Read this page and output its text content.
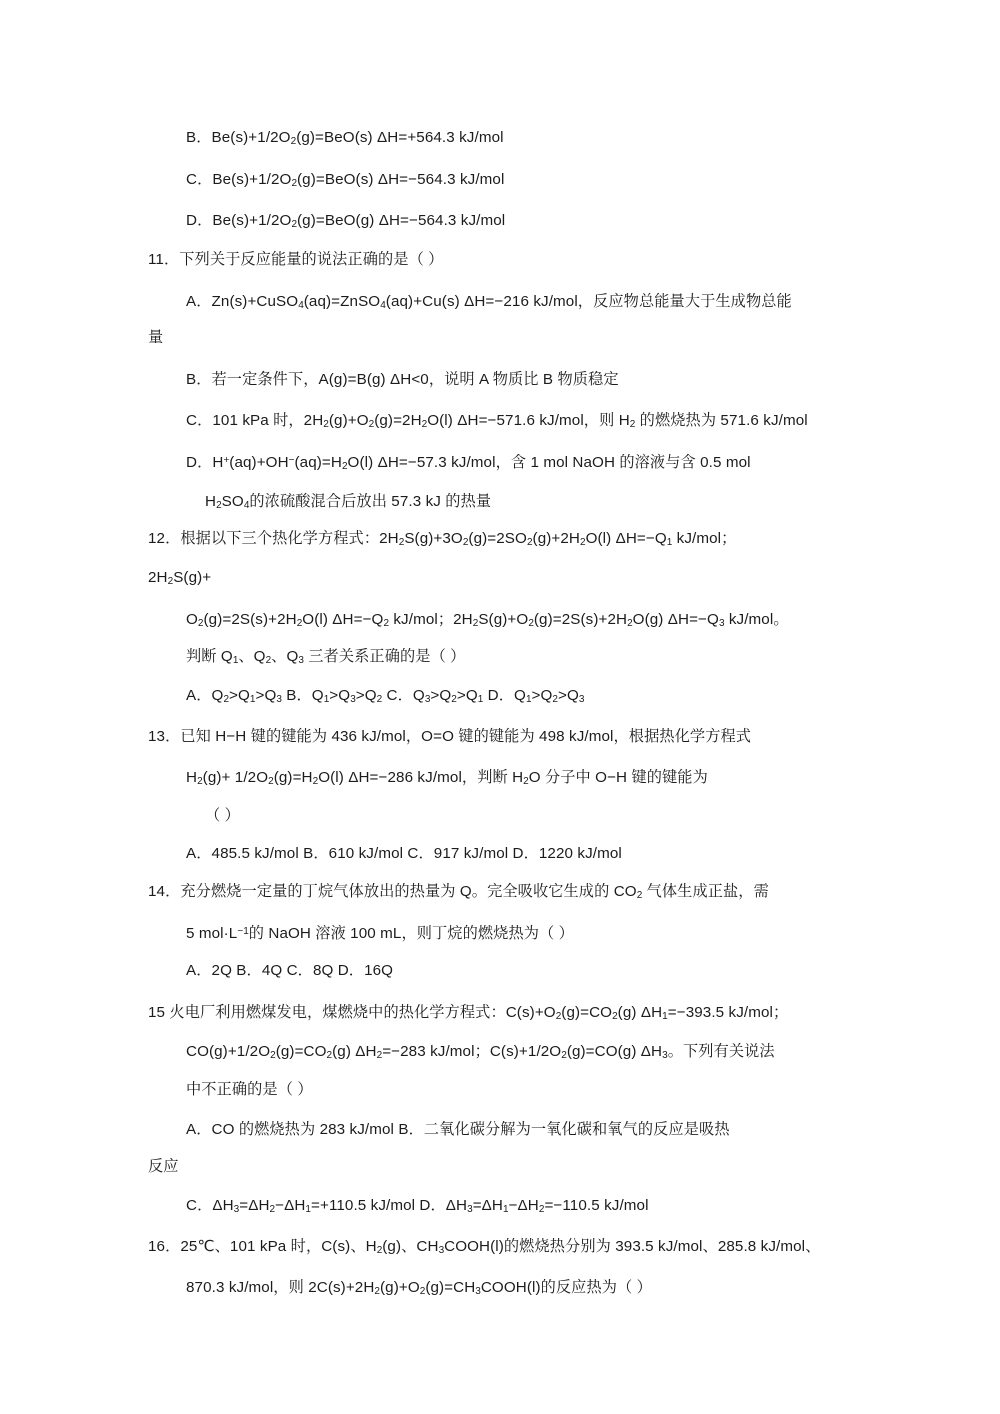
B．$Be(s)+1/2O_2(g)=BeO(s)$ ΔH=+564.3 kJ/mol
C．$Be(s)+1/2O_2(g)=BeO(s)$ ΔH=−564.3 kJ/mol
D．$Be(s)+1/2O_2(g)=BeO(g)$ ΔH=−564.3 kJ/mol
11．下列关于反应能量的说法正确的是（ ）
A．Zn(s)+CuSO$_4$(aq)=ZnSO$_4$(aq)+Cu(s) ΔH=−216 kJ/mol，反应物总能量大于生成物总能
量
B．若一定条件下，A(g)=B(g) ΔH<0，说明 A 物质比 B 物质稳定
C．101 kPa 时，$2H_2(g)+O_2(g)=2H_2O(l)$ ΔH=−571.6 kJ/mol，则 $H_2$ 的燃烧热为 571.6 kJ/mol
D．$H^+(aq)+OH^-(aq)=H_2O(l)$ ΔH=−57.3 kJ/mol，含 1 mol NaOH 的溶液与含 0.5 mol
$H_2SO_4$的浓硫酸混合后放出 57.3 kJ 的热量
12．根据以下三个热化学方程式：$2H_2S(g)+3O_2(g)=2SO_2(g)+2H_2O(l)$ $\Delta H=-Q_1$ kJ/mol；
$2H_2S(g)+$
$O_2(g)=2S(s)+2H_2O(l)$ $\Delta H=-Q_2$ kJ/mol；$2H_2S(g)+O_2(g)=2S(s)+2H_2O(g)$ $\Delta H=-Q_3$ kJ/mol。
判断 $Q_1$、$Q_2$、$Q_3$ 三者关系正确的是（ ）
A．$Q_2>Q_1>Q_3$ B．$Q_1>Q_3>Q_2$ C．$Q_3>Q_2>Q_1$ D．$Q_1>Q_2>Q_3$
13．已知 H−H 键的键能为 436 kJ/mol，O=O 键的键能为 498 kJ/mol，根据热化学方程式
$H_2(g)+ 1/2O_2(g)=H_2O(l)$ ΔH=−286 kJ/mol，判断 $H_2O$ 分子中 O−H 键的键能为
（ ）
A．485.5 kJ/mol B．610 kJ/mol C．917 kJ/mol D．1220 kJ/mol
14．充分燃烧一定量的丁烷气体放出的热量为 Q。完全吸收它生成的 $CO_2$ 气体生成正盐，需
5 $mol\cdot L^{-1}$的 NaOH 溶液 100 mL，则丁烷的燃烧热为（ ）
A．2Q B．4Q C．8Q D．16Q
15 火电厂利用燃煤发电，煤燃烧中的热化学方程式：$C(s)+O_2(g)=CO_2(g)$ $\Delta H_1=-393.5$ kJ/mol；
$CO(g)+1/2O_2(g)=CO_2(g)$ $\Delta H_2=-283$ kJ/mol；$C(s)+1/2O_2(g)=CO(g)$ $\Delta H_3$。下列有关说法
中不正确的是（ ）
A．CO 的燃烧热为 283 kJ/mol B．二氧化碳分解为一氧化碳和氧气的反应是吸热
反应
C．$\Delta H_3=\Delta H_2-\Delta H_1=+110.5$ kJ/mol D．$\Delta H_3=\Delta H_1-\Delta H_2=-110.5$ kJ/mol
16．25℃、101 kPa 时，C(s)、$H_2(g)$、$CH_3COOH(l)$的燃烧热分别为 393.5 kJ/mol、285.8 kJ/mol、
870.3 kJ/mol，则 $2C(s)+2H_2(g)+O_2(g)=CH_3COOH(l)$的反应热为（ ）
